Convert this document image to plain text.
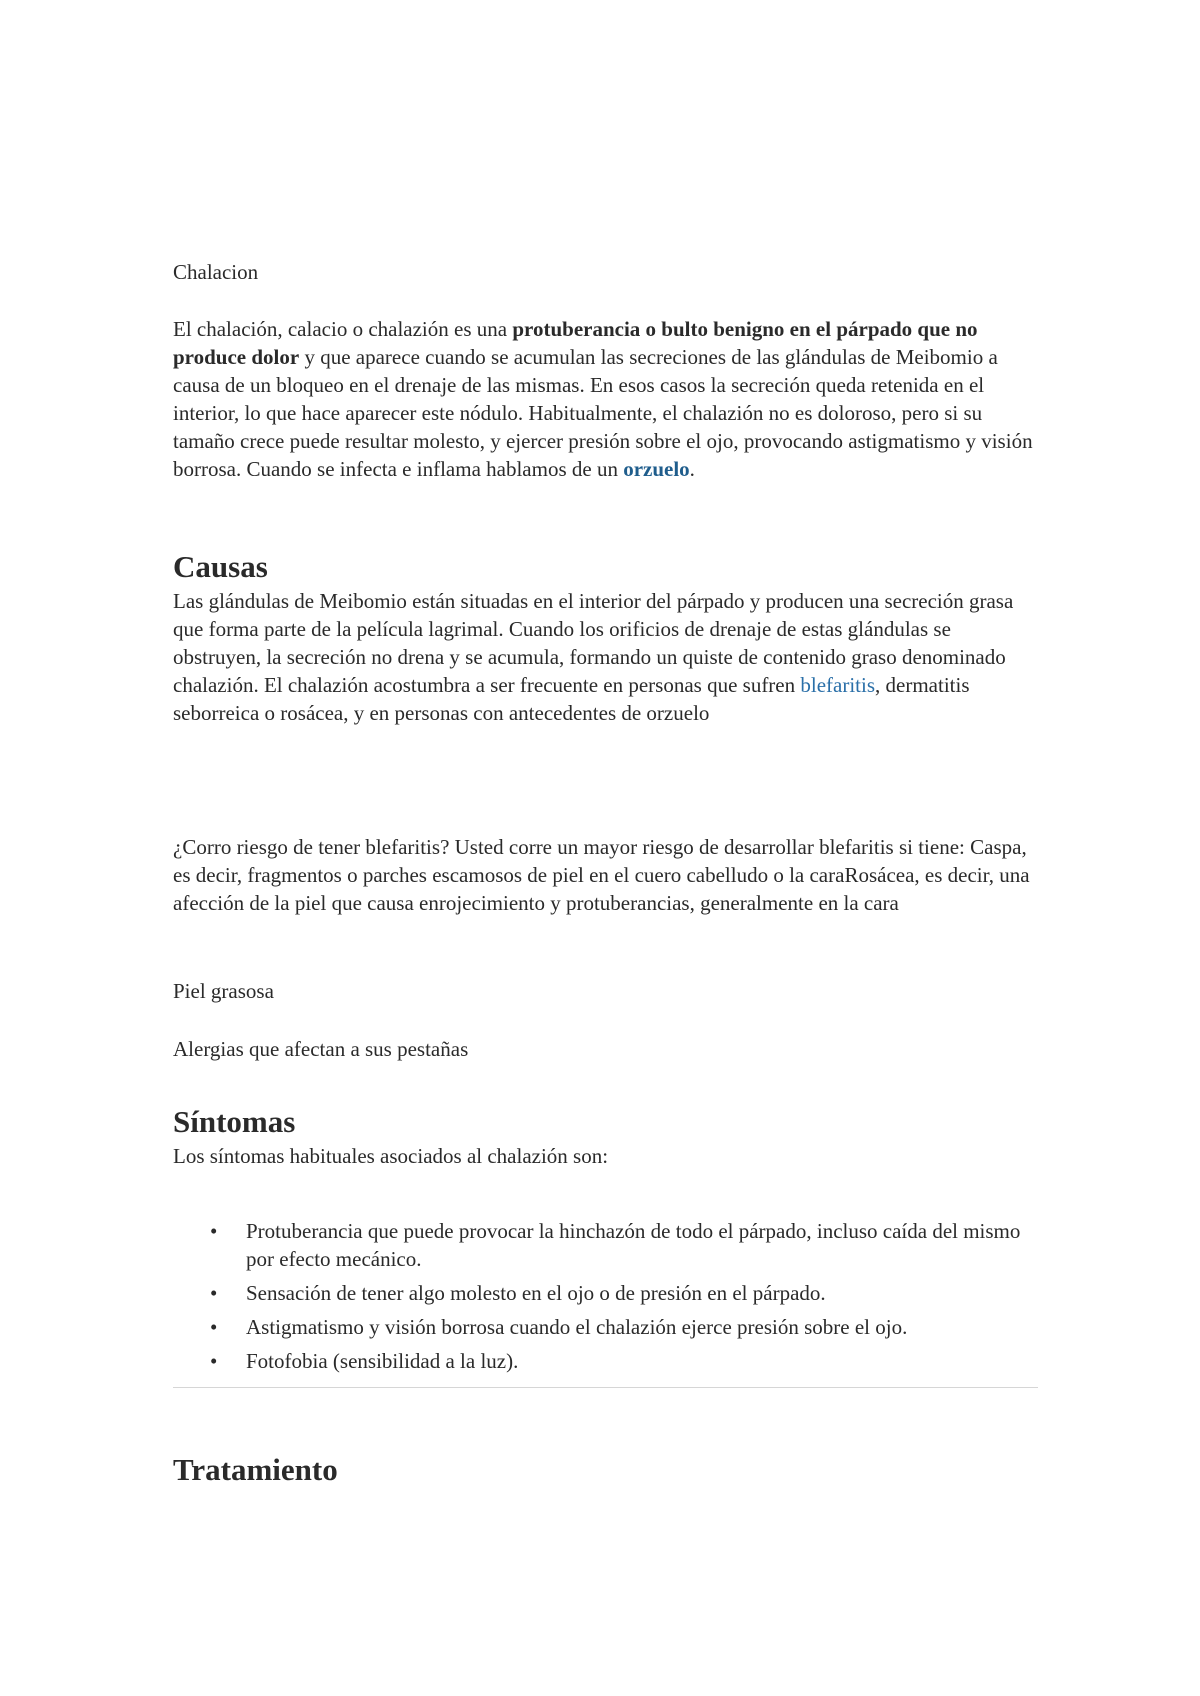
Chalacion

El chalación, calacio o chalazión es una protuberancia o bulto benigno en el párpado que no produce dolor y que aparece cuando se acumulan las secreciones de las glándulas de Meibomio a causa de un bloqueo en el drenaje de las mismas. En esos casos la secreción queda retenida en el interior, lo que hace aparecer este nódulo. Habitualmente, el chalazión no es doloroso, pero si su tamaño crece puede resultar molesto, y ejercer presión sobre el ojo, provocando astigmatismo y visión borrosa. Cuando se infecta e inflama hablamos de un orzuelo.

Causas

Las glándulas de Meibomio están situadas en el interior del párpado y producen una secreción grasa que forma parte de la película lagrimal. Cuando los orificios de drenaje de estas glándulas se obstruyen, la secreción no drena y se acumula, formando un quiste de contenido graso denominado chalazión. El chalazión acostumbra a ser frecuente en personas que sufren blefaritis, dermatitis seborreica o rosácea, y en personas con antecedentes de orzuelo

¿Corro riesgo de tener blefaritis? Usted corre un mayor riesgo de desarrollar blefaritis si tiene: Caspa, es decir, fragmentos o parches escamosos de piel en el cuero cabelludo o la caraRosácea, es decir, una afección de la piel que causa enrojecimiento y protuberancias, generalmente en la cara

Piel grasosa

Alergias que afectan a sus pestañas

Síntomas

Los síntomas habituales asociados al chalazión son:

• Protuberancia que puede provocar la hinchazón de todo el párpado, incluso caída del mismo por efecto mecánico.
• Sensación de tener algo molesto en el ojo o de presión en el párpado.
• Astigmatismo y visión borrosa cuando el chalazión ejerce presión sobre el ojo.
• Fotofobia (sensibilidad a la luz).
Tratamiento
